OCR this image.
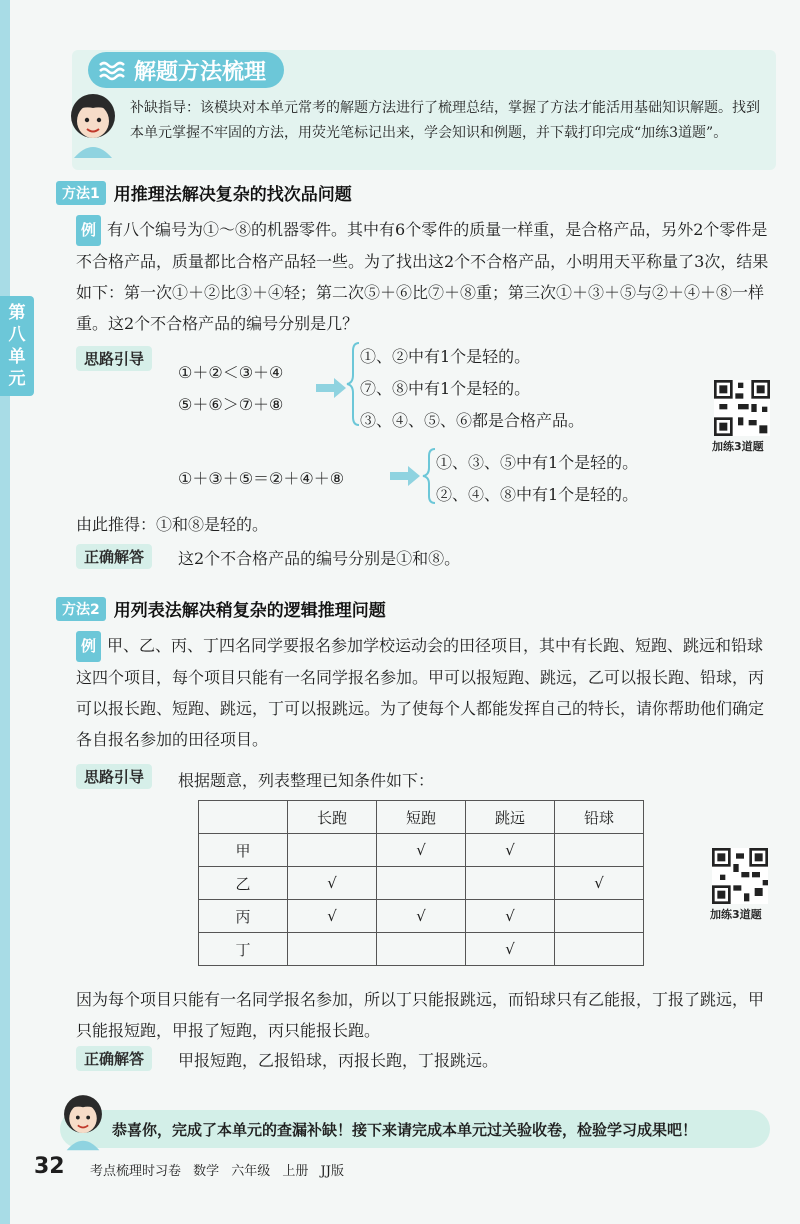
第
八
单
元
解题方法梳理
补缺指导：该模块对本单元常考的解题方法进行了梳理总结，掌握了方法才能活用基础知识解题。找到本单元掌握不牢固的方法，用荧光笔标记出来，学会知识和例题，并下载打印完成“加练3道题”。
方法1 用推理法解决复杂的找次品问题
例 有八个编号为①～⑧的机器零件。其中有6个零件的质量一样重，是合格产品，另外2个零件是不合格产品，质量都比合格产品轻一些。为了找出这2个不合格产品，小明用天平称量了3次，结果如下：第一次①＋②比③＋④轻；第二次⑤＋⑥比⑦＋⑧重；第三次①＋③＋⑤与②＋④＋⑧一样重。这2个不合格产品的编号分别是几？
思路引导
①＋②＜③＋④
⑤＋⑥＞⑦＋⑧
①、②中有1个是轻的。
⑦、⑧中有1个是轻的。
③、④、⑤、⑥都是合格产品。
加练3道题
①＋③＋⑤＝②＋④＋⑧
①、③、⑤中有1个是轻的。
②、④、⑧中有1个是轻的。
由此推得：①和⑧是轻的。
正确解答	这2个不合格产品的编号分别是①和⑧。
方法2 用列表法解决稍复杂的逻辑推理问题
例 甲、乙、丙、丁四名同学要报名参加学校运动会的田径项目，其中有长跑、短跑、跳远和铅球这四个项目，每个项目只能有一名同学报名参加。甲可以报短跑、跳远，乙可以报长跑、铅球，丙可以报长跑、短跑、跳远，丁可以报跳远。为了使每个人都能发挥自己的特长，请你帮助他们确定各自报名参加的田径项目。
思路引导	根据题意，列表整理已知条件如下：
	长跑	短跑	跳远	铅球
甲		√	√	
乙	√			√
丙	√	√	√	
丁			√	
加练3道题
因为每个项目只能有一名同学报名参加，所以丁只能报跳远，而铅球只有乙能报，丁报了跳远，甲只能报短跑，甲报了短跑，丙只能报长跑。
正确解答	甲报短跑，乙报铅球，丙报长跑，丁报跳远。
恭喜你，完成了本单元的查漏补缺！接下来请完成本单元过关验收卷，检验学习成果吧！
32 考点梳理时习卷 数学 六年级 上册 JJ版
